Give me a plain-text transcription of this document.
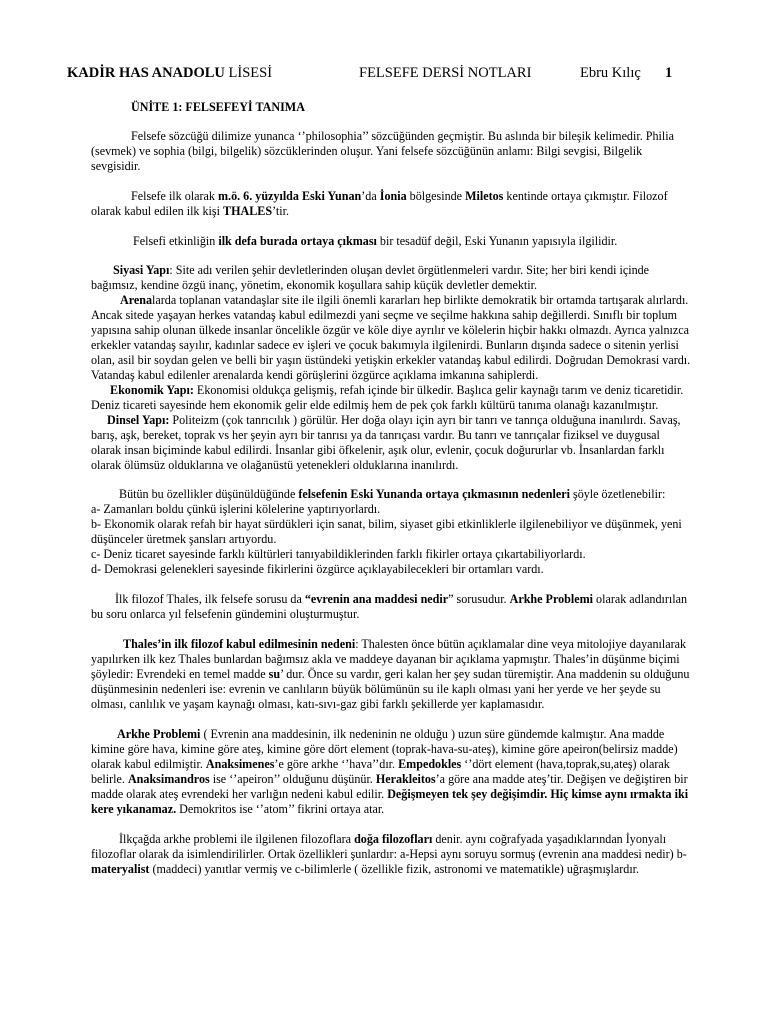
KADİR HAS ANADOLU LİSESİ	FELSEFE DERSİ NOTLARI	Ebru Kılıç 1

ÜNİTE 1: FELSEFEYİ TANIMA

Felsefe sözcüğü dilimize yunanca ‘’philosophia’’ sözcüğünden geçmiştir. Bu aslında bir bileşik kelimedir. Philia (sevmek) ve sophia (bilgi, bilgelik) sözcüklerinden oluşur. Yani felsefe sözcüğünün anlamı: Bilgi sevgisi, Bilgelik sevgisidir.

Felsefe ilk olarak m.ö. 6. yüzyılda Eski Yunan’da İonia bölgesinde Miletos kentinde ortaya çıkmıştır. Filozof olarak kabul edilen ilk kişi THALES’tir.

Felsefi etkinliğin ilk defa burada ortaya çıkması bir tesadüf değil, Eski Yunanın yapısıyla ilgilidir.

Siyasi Yapı: Site adı verilen şehir devletlerinden oluşan devlet örgütlenmeleri vardır. Site; her biri kendi içinde bağımsız, kendine özgü inanç, yönetim, ekonomik koşullara sahip küçük devletler demektir.

Arenalarda toplanan vatandaşlar site ile ilgili önemli kararları hep birlikte demokratik bir ortamda tartışarak alırlardı. Ancak sitede yaşayan herkes vatandaş kabul edilmezdi yani seçme ve seçilme hakkına sahip değillerdi. Sınıflı bir toplum yapısına sahip olunan ülkede insanlar öncelikle özgür ve köle diye ayrılır ve kölelerin hiçbir hakkı olmazdı. Ayrıca yalnızca erkekler vatandaş sayılır, kadınlar sadece ev işleri ve çocuk bakımıyla ilgilenirdi. Bunların dışında sadece o sitenin yerlisi olan, asil bir soydan gelen ve belli bir yaşın üstündeki yetişkin erkekler vatandaş kabul edilirdi. Doğrudan Demokrasi vardı. Vatandaş kabul edilenler arenalarda kendi görüşlerini özgürce açıklama imkanına sahiplerdi.

Ekonomik Yapı: Ekonomisi oldukça gelişmiş, refah içinde bir ülkedir. Başlıca gelir kaynağı tarım ve deniz ticaretidir. Deniz ticareti sayesinde hem ekonomik gelir elde edilmiş hem de pek çok farklı kültürü tanıma olanağı kazanılmıştır.

Dinsel Yapı: Politeizm (çok tanrıcılık ) görülür. Her doğa olayı için ayrı bir tanrı ve tanrıça olduğuna inanılırdı. Savaş, barış, aşk, bereket, toprak vs her şeyin ayrı bir tanrısı ya da tanrıçası vardır. Bu tanrı ve tanrıçalar fiziksel ve duygusal olarak insan biçiminde kabul edilirdi. İnsanlar gibi öfkelenir, aşık olur, evlenir, çocuk doğururlar vb. İnsanlardan farklı olarak ölümsüz olduklarına ve olağanüstü yetenekleri olduklarına inanılırdı.

Bütün bu özellikler düşünüldüğünde felsefenin Eski Yunanda ortaya çıkmasının nedenleri şöyle özetlenebilir:

a- Zamanları boldu çünkü işlerini kölelerine yaptırıyorlardı.

b- Ekonomik olarak refah bir hayat sürdükleri için sanat, bilim, siyaset gibi etkinliklerle ilgilenebiliyor ve düşünmek, yeni düşünceler üretmek şansları artıyordu.

c- Deniz ticaret sayesinde farklı kültürleri tanıyabildiklerinden farklı fikirler ortaya çıkartabiliyorlardı.

d- Demokrasi gelenekleri sayesinde fikirlerini özgürce açıklayabilecekleri bir ortamları vardı.

İlk filozof Thales, ilk felsefe sorusu da “evrenin ana maddesi nedir” sorusudur. Arkhe Problemi olarak adlandırılan bu soru onlarca yıl felsefenin gündemini oluşturmuştur.

Thales’in ilk filozof kabul edilmesinin nedeni: Thalesten önce bütün açıklamalar dine veya mitolojiye dayanılarak yapılırken ilk kez Thales bunlardan bağımsız akla ve maddeye dayanan bir açıklama yapmıştır. Thales’in düşünme biçimi şöyledir: Evrendeki en temel madde su’ dur. Önce su vardır, geri kalan her şey sudan türemiştir. Ana maddenin su olduğunu düşünmesinin nedenleri ise: evrenin ve canlıların büyük bölümünün su ile kaplı olması yani her yerde ve her şeyde su olması, canlılık ve yaşam kaynağı olması, katı-sıvı-gaz gibi farklı şekillerde yer kaplamasıdır.

Arkhe Problemi ( Evrenin ana maddesinin, ilk nedeninin ne olduğu ) uzun süre gündemde kalmıştır. Ana madde kimine göre hava, kimine göre ateş, kimine göre dört element (toprak-hava-su-ateş), kimine göre apeiron(belirsiz madde) olarak kabul edilmiştir. Anaksimenes’e göre arkhe ‘’hava’’dır. Empedokles ‘’dört element (hava,toprak,su,ateş) olarak belirle. Anaksimandros ise ‘’apeiron’’ olduğunu düşünür. Herakleitos’a göre ana madde ateş’tir. Değişen ve değiştiren bir madde olarak ateş evrendeki her varlığın nedeni kabul edilir. Değişmeyen tek şey değişimdir. Hiç kimse aynı ırmakta iki kere yıkanamaz. Demokritos ise ‘’atom’’ fikrini ortaya atar.

İlkçağda arkhe problemi ile ilgilenen filozoflara doğa filozofları denir. aynı coğrafyada yaşadıklarından İyonyalı filozoflar olarak da isimlendirilirler. Ortak özellikleri şunlardır: a-Hepsi aynı soruyu sormuş (evrenin ana maddesi nedir) b- materyalist (maddeci) yanıtlar vermiş ve c-bilimlerle ( özellikle fizik, astronomi ve matematikle) uğraşmışlardır.
